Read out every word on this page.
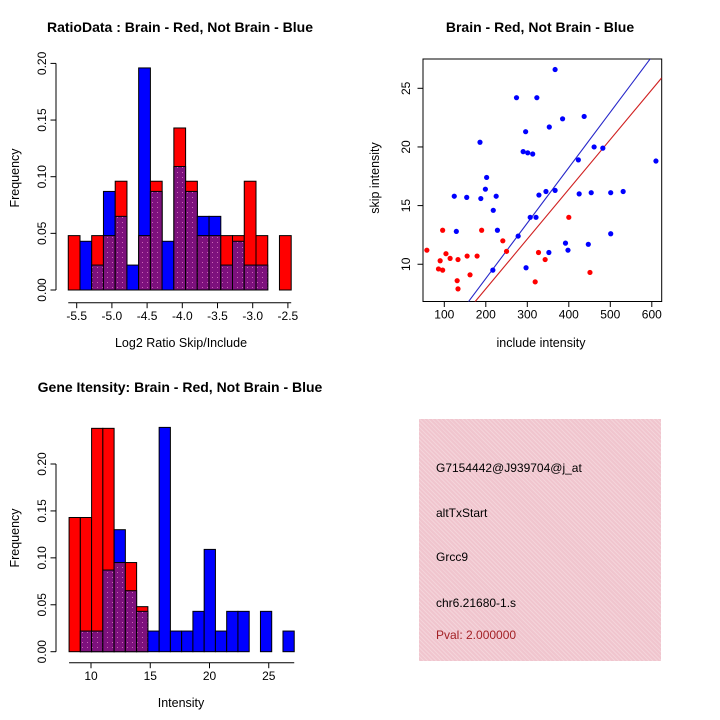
RatioData : Brain - Red, Not Brain - Blue
Log2 Ratio Skip/Include
Frequency
-5.5 -5.0 -4.5 -4.0 -3.5 -3.0 -2.5
0.00
0.05
0.10
0.15
0.20
Brain - Red, Not Brain - Blue
include intensity
skip intensity
100 200 300 400 500 600
10
15
20
25
Gene Itensity: Brain - Red, Not Brain - Blue
Intensity
Frequency
10	15	20	25
0.00
0.05
0.10
0.15
0.20	G7154442@J939704@j_at
altTxStart
Grcc9
chr6.21680-1.s
Pval: 2.000000
